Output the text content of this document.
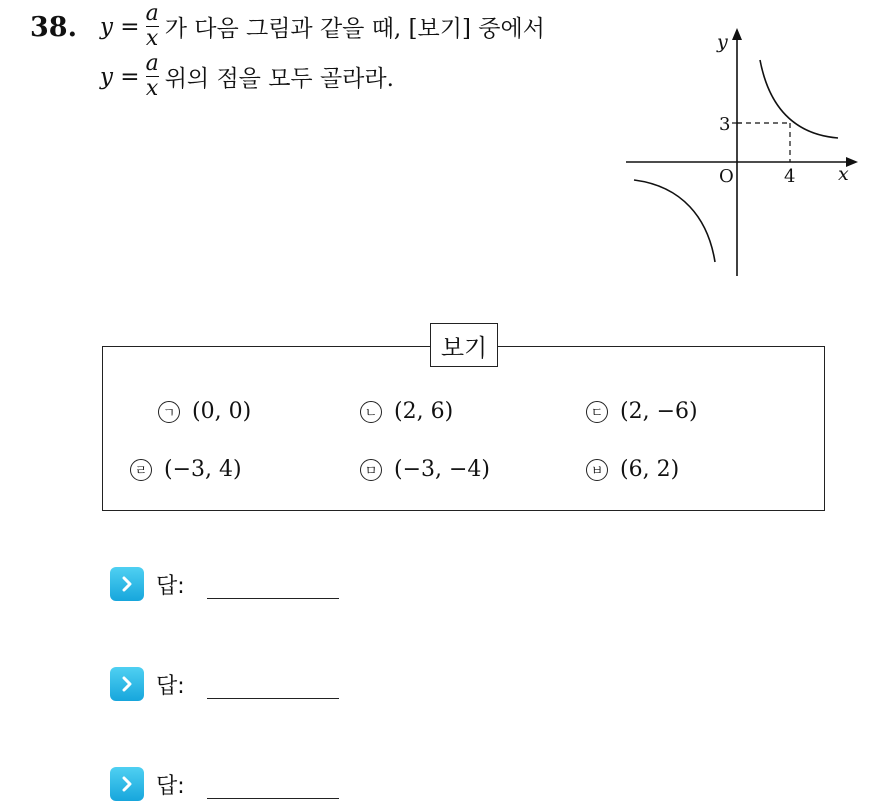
38. $y = \frac{a}{x}$ 가 다음 그림과 같을 때, [보기] 중에서
$y = \frac{a}{x}$ 위의 점을 모두 골라라.
y
x
O
3
4
보기
ㄱ (0, 0)	ㄴ (2, 6)	ㄷ (2, −6)
ㄹ (−3, 4)	ㅁ (−3, −4)	ㅂ (6, 2)
답:
답:
답:
